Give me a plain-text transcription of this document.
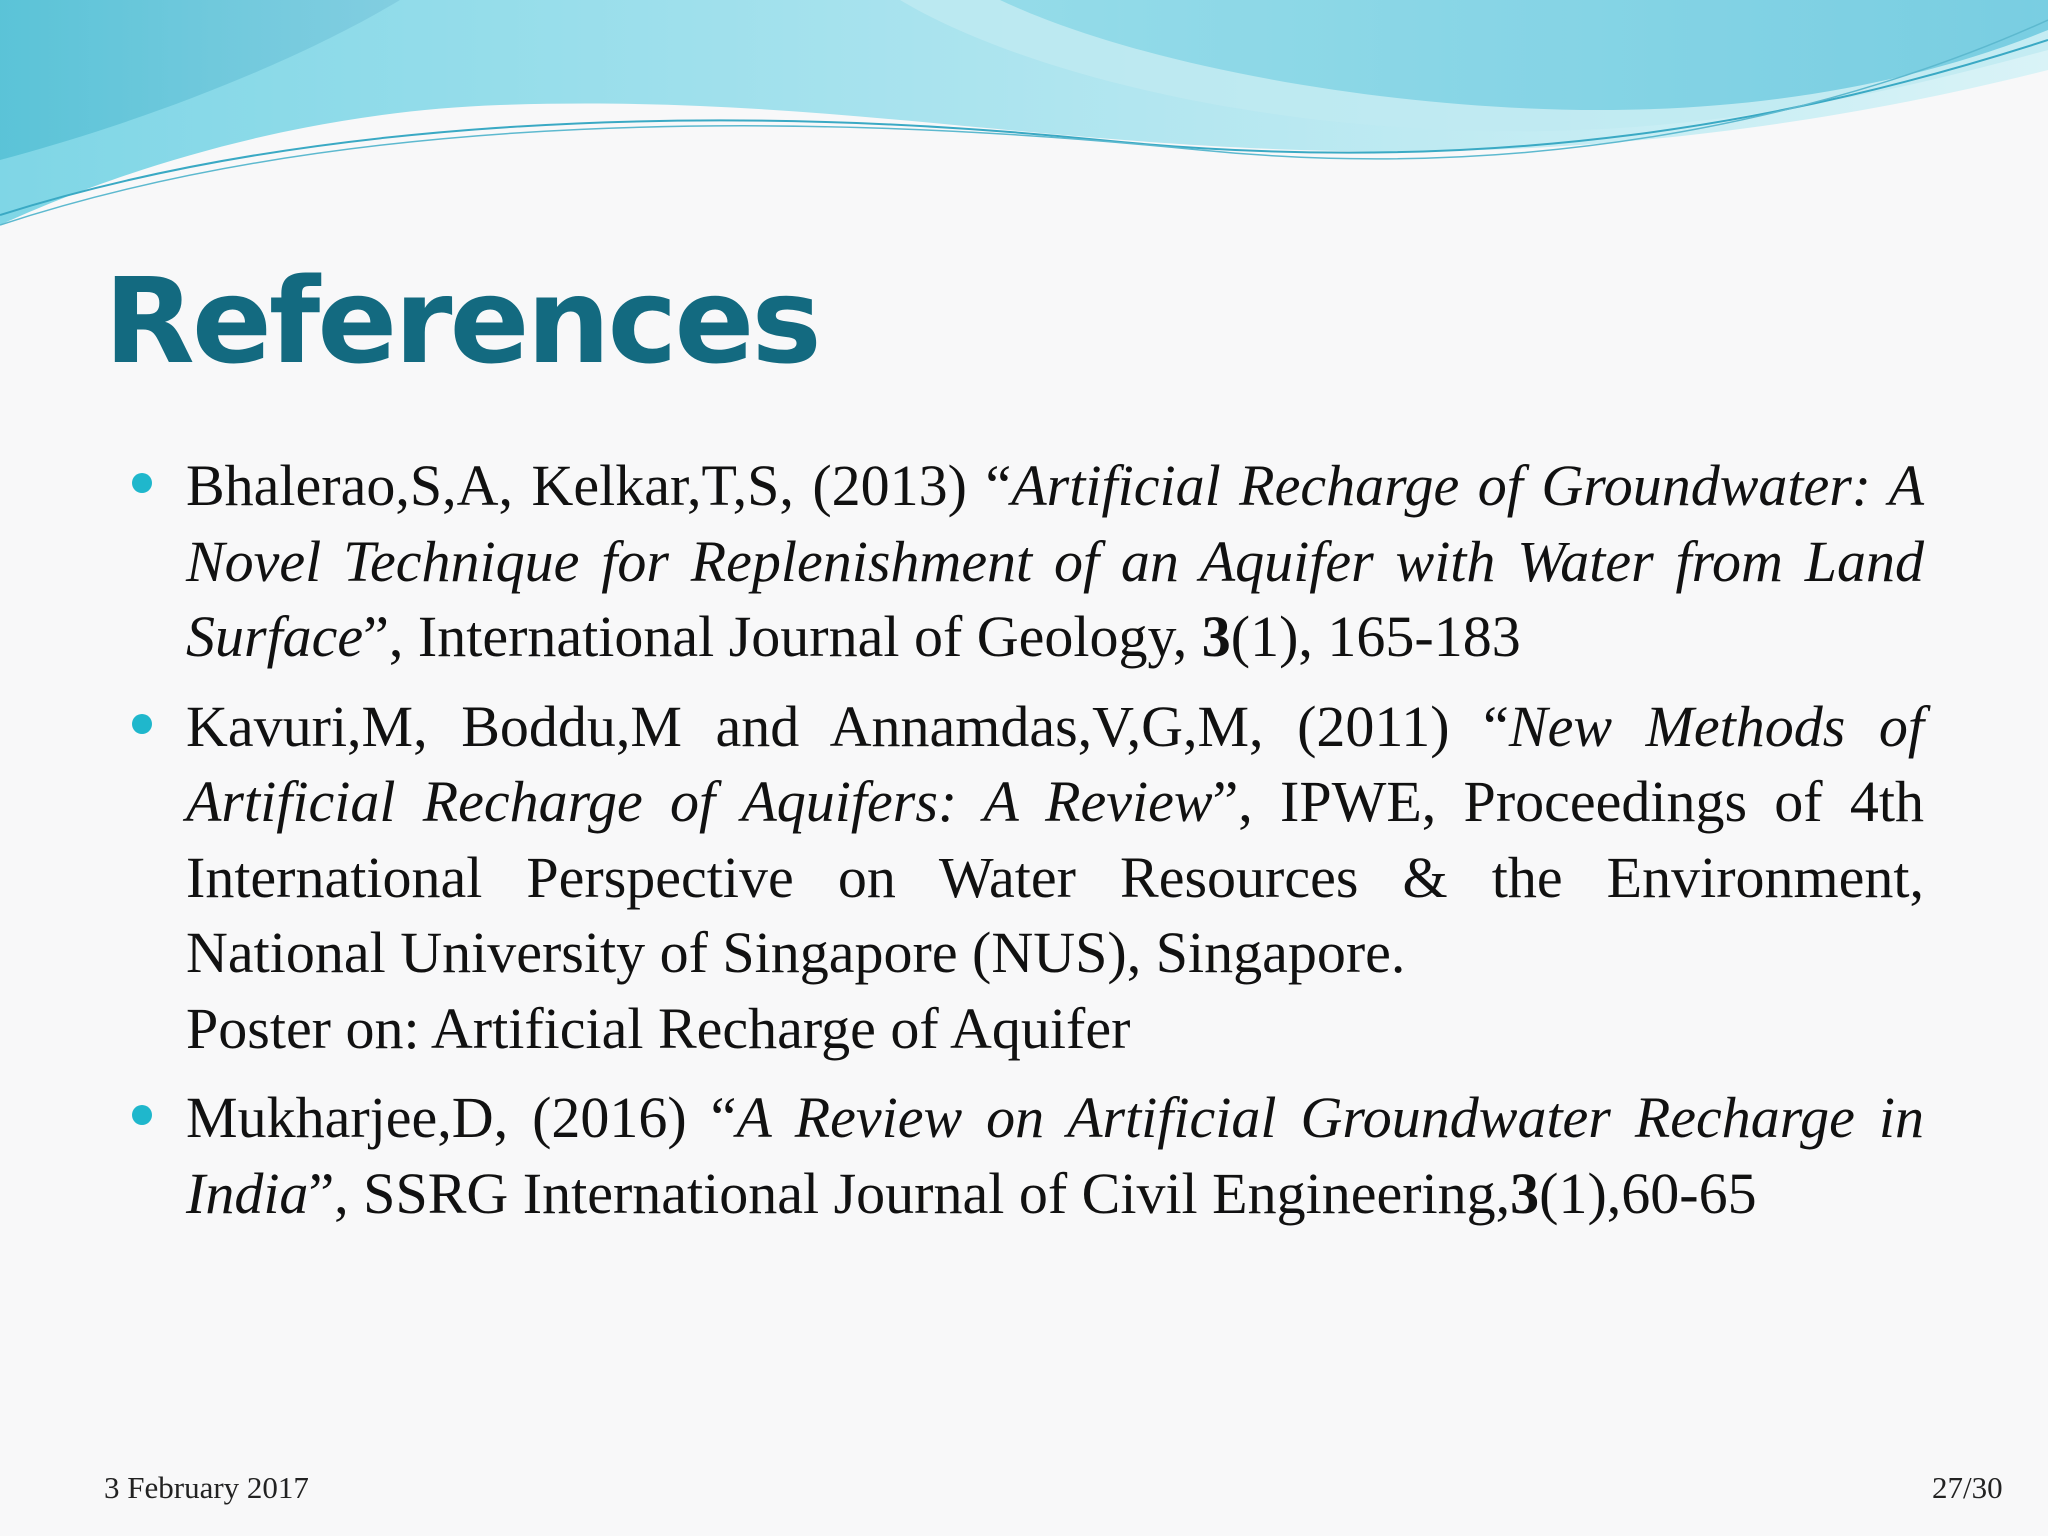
References
Bhalerao,S,A, Kelkar,T,S, (2013) “Artificial Recharge of Groundwater: A Novel Technique for Replenishment of an Aquifer with Water from Land Surface”, International Journal of Geology, 3(1), 165-183
Kavuri,M, Boddu,M and Annamdas,V,G,M, (2011) “New Methods of Artificial Recharge of Aquifers: A Review”, IPWE, Proceedings of 4th International Perspective on Water Resources & the Environment, National University of Singapore (NUS), Singapore.
Poster on: Artificial Recharge of Aquifer
Mukharjee,D, (2016) “A Review on Artificial Groundwater Recharge in India”, SSRG International Journal of Civil Engineering,3(1),60-65
3 February 2017	27/30
